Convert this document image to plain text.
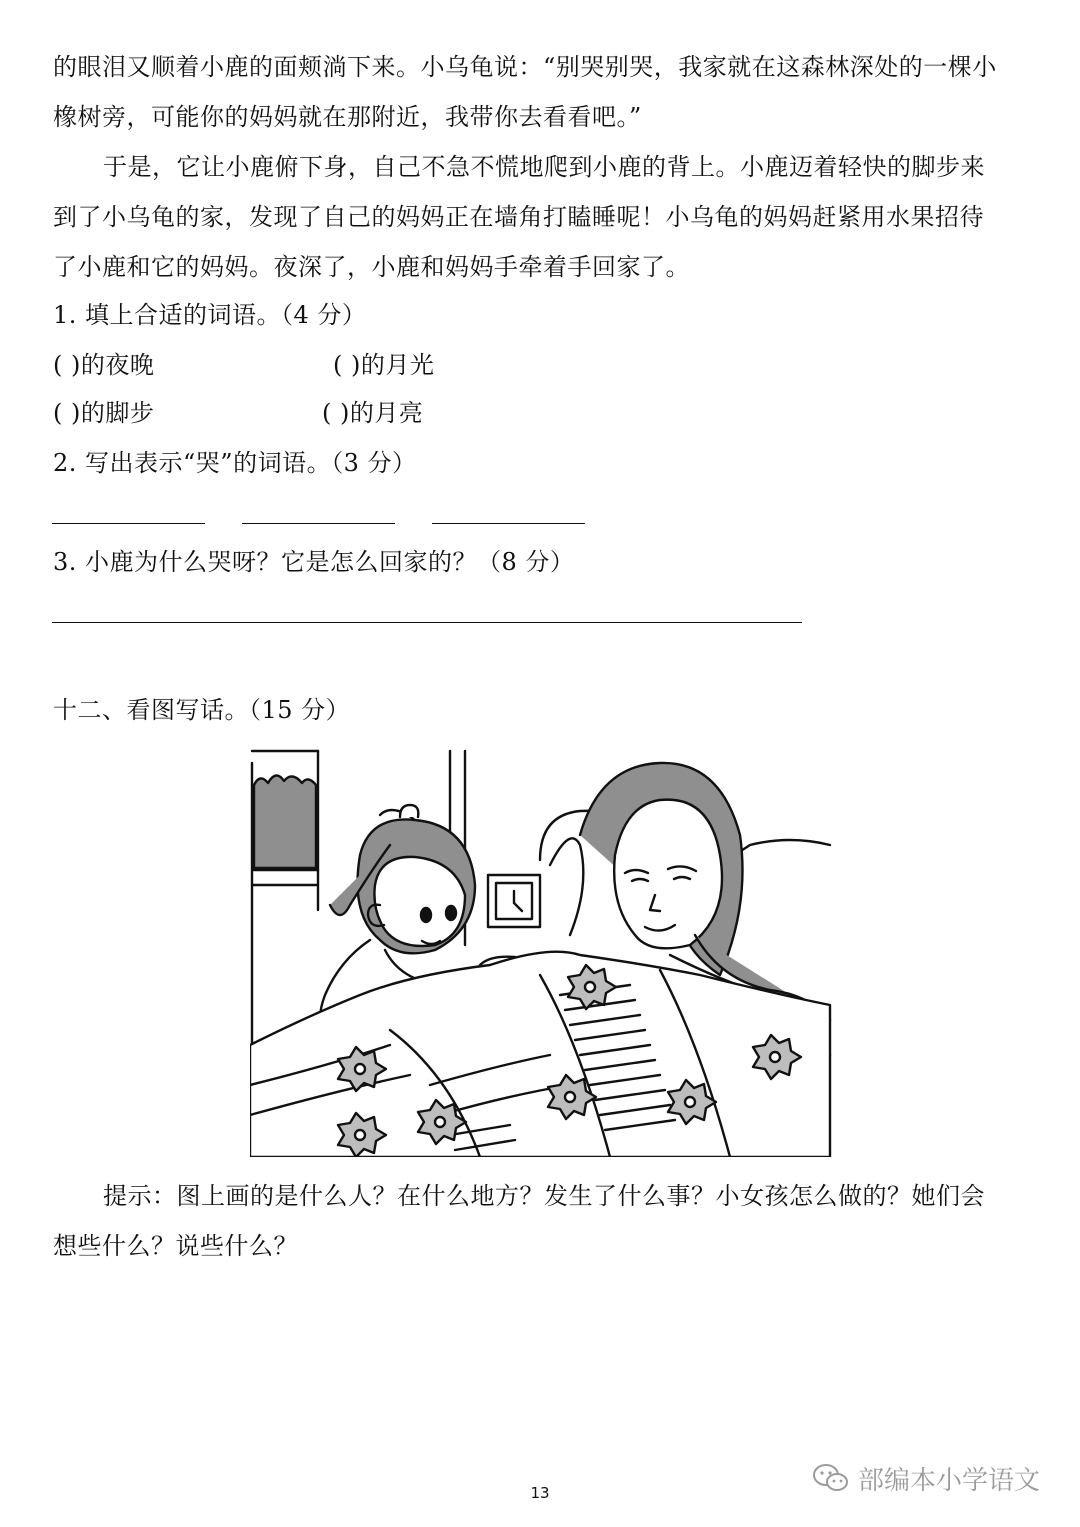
的眼泪又顺着小鹿的面颊淌下来。小乌龟说：“别哭别哭，我家就在这森林深处的一棵小
橡树旁，可能你的妈妈就在那附近，我带你去看看吧。”
于是，它让小鹿俯下身，自己不急不慌地爬到小鹿的背上。小鹿迈着轻快的脚步来
到了小乌龟的家，发现了自己的妈妈正在墙角打瞌睡呢！小乌龟的妈妈赶紧用水果招待
了小鹿和它的妈妈。夜深了，小鹿和妈妈手牵着手回家了。
1. 填上合适的词语。（4 分）
( )的夜晚	( )的月光
( )的脚步	( )的月亮
2. 写出表示“哭”的词语。（3 分）
3. 小鹿为什么哭呀？它是怎么回家的？（8 分）
十二、看图写话。（15 分）
提示：图上画的是什么人？在什么地方？发生了什么事？小女孩怎么做的？她们会
想些什么？说些什么？
部编本小学语文
13
